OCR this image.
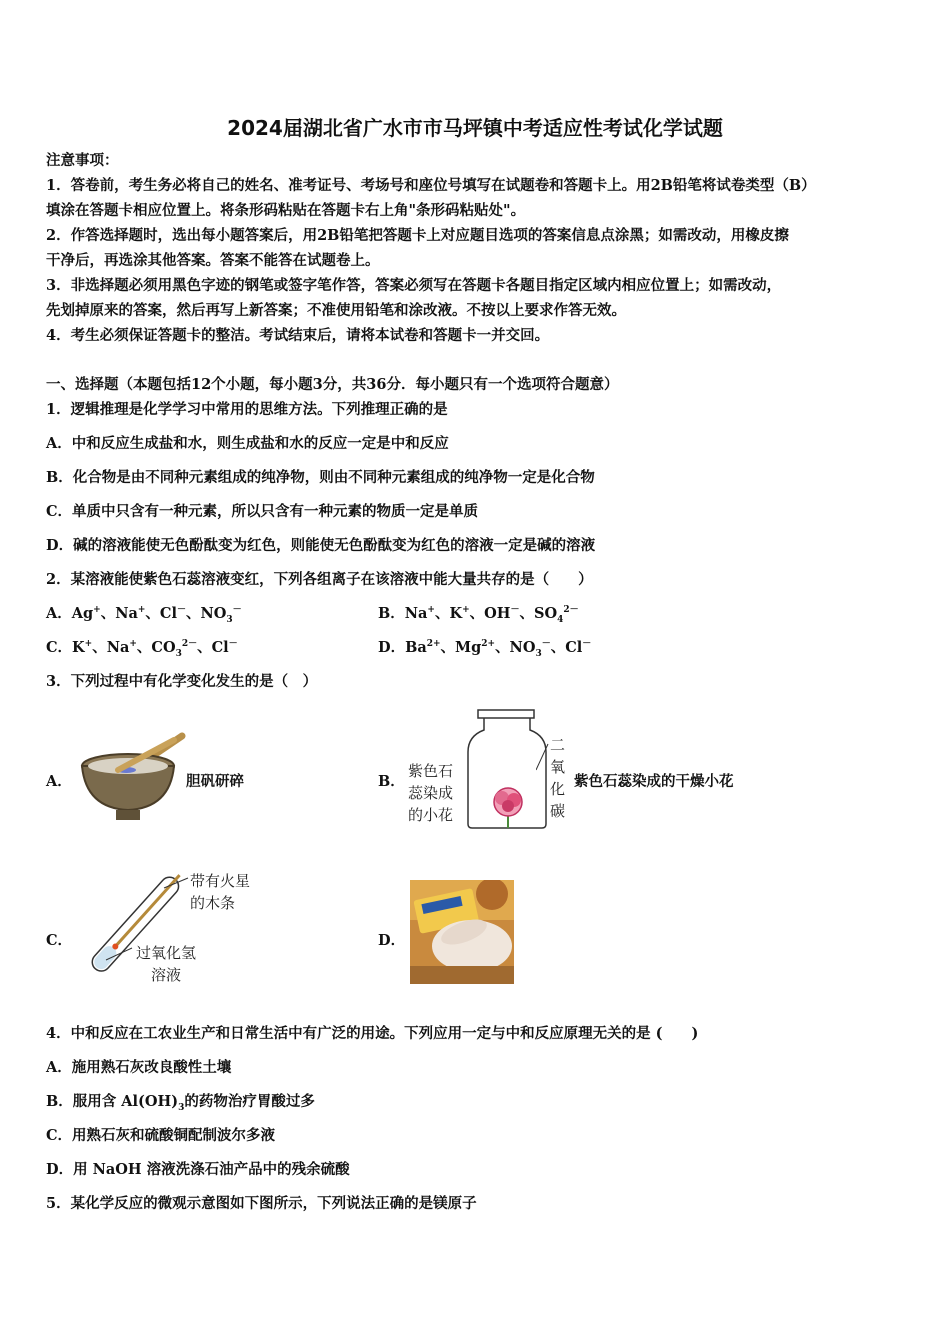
2024届湖北省广水市市马坪镇中考适应性考试化学试题
注意事项：
1．答卷前，考生务必将自己的姓名、准考证号、考场号和座位号填写在试题卷和答题卡上。用2B铅笔将试卷类型（B）
填涂在答题卡相应位置上。将条形码粘贴在答题卡右上角"条形码粘贴处"。
2．作答选择题时，选出每小题答案后，用2B铅笔把答题卡上对应题目选项的答案信息点涂黑；如需改动，用橡皮擦
干净后，再选涂其他答案。答案不能答在试题卷上。
3．非选择题必须用黑色字迹的钢笔或签字笔作答，答案必须写在答题卡各题目指定区域内相应位置上；如需改动，
先划掉原来的答案，然后再写上新答案；不准使用铅笔和涂改液。不按以上要求作答无效。
4．考生必须保证答题卡的整洁。考试结束后，请将本试卷和答题卡一并交回。
一、选择题（本题包括12个小题，每小题3分，共36分．每小题只有一个选项符合题意）
1．逻辑推理是化学学习中常用的思维方法。下列推理正确的是
A．中和反应生成盐和水，则生成盐和水的反应一定是中和反应
B．化合物是由不同种元素组成的纯净物，则由不同种元素组成的纯净物一定是化合物
C．单质中只含有一种元素，所以只含有一种元素的物质一定是单质
D．碱的溶液能使无色酚酞变为红色，则能使无色酚酞变为红色的溶液一定是碱的溶液
2．某溶液能使紫色石蕊溶液变红，下列各组离子在该溶液中能大量共存的是（　　）
A．Ag+、Na+、Cl－、$NO_3^-$	B．Na+、K+、OH－、$SO_4^{2-}$
C．K+、Na+、$CO_3^{2-}$、Cl－	D．$Ba^{2+}$、$Mg^{2+}$、$NO_3^-$、Cl－
3．下列过程中有化学变化发生的是（　）
A．	胆矾研碎	B．
紫色石
蕊染成
的小花
二
氧
化
碳
紫色石蕊染成的干燥小花
C．
带有火星
的木条
过氧化氢
溶液
D．
4．中和反应在工农业生产和日常生活中有广泛的用途。下列应用一定与中和反应原理无关的是 (　　)
A．施用熟石灰改良酸性土壤
B．服用含 $Al(OH)_3$的药物治疗胃酸过多
C．用熟石灰和硫酸铜配制波尔多液
D．用 NaOH 溶液洗涤石油产品中的残余硫酸
5．某化学反应的微观示意图如下图所示，下列说法正确的是镁原子
